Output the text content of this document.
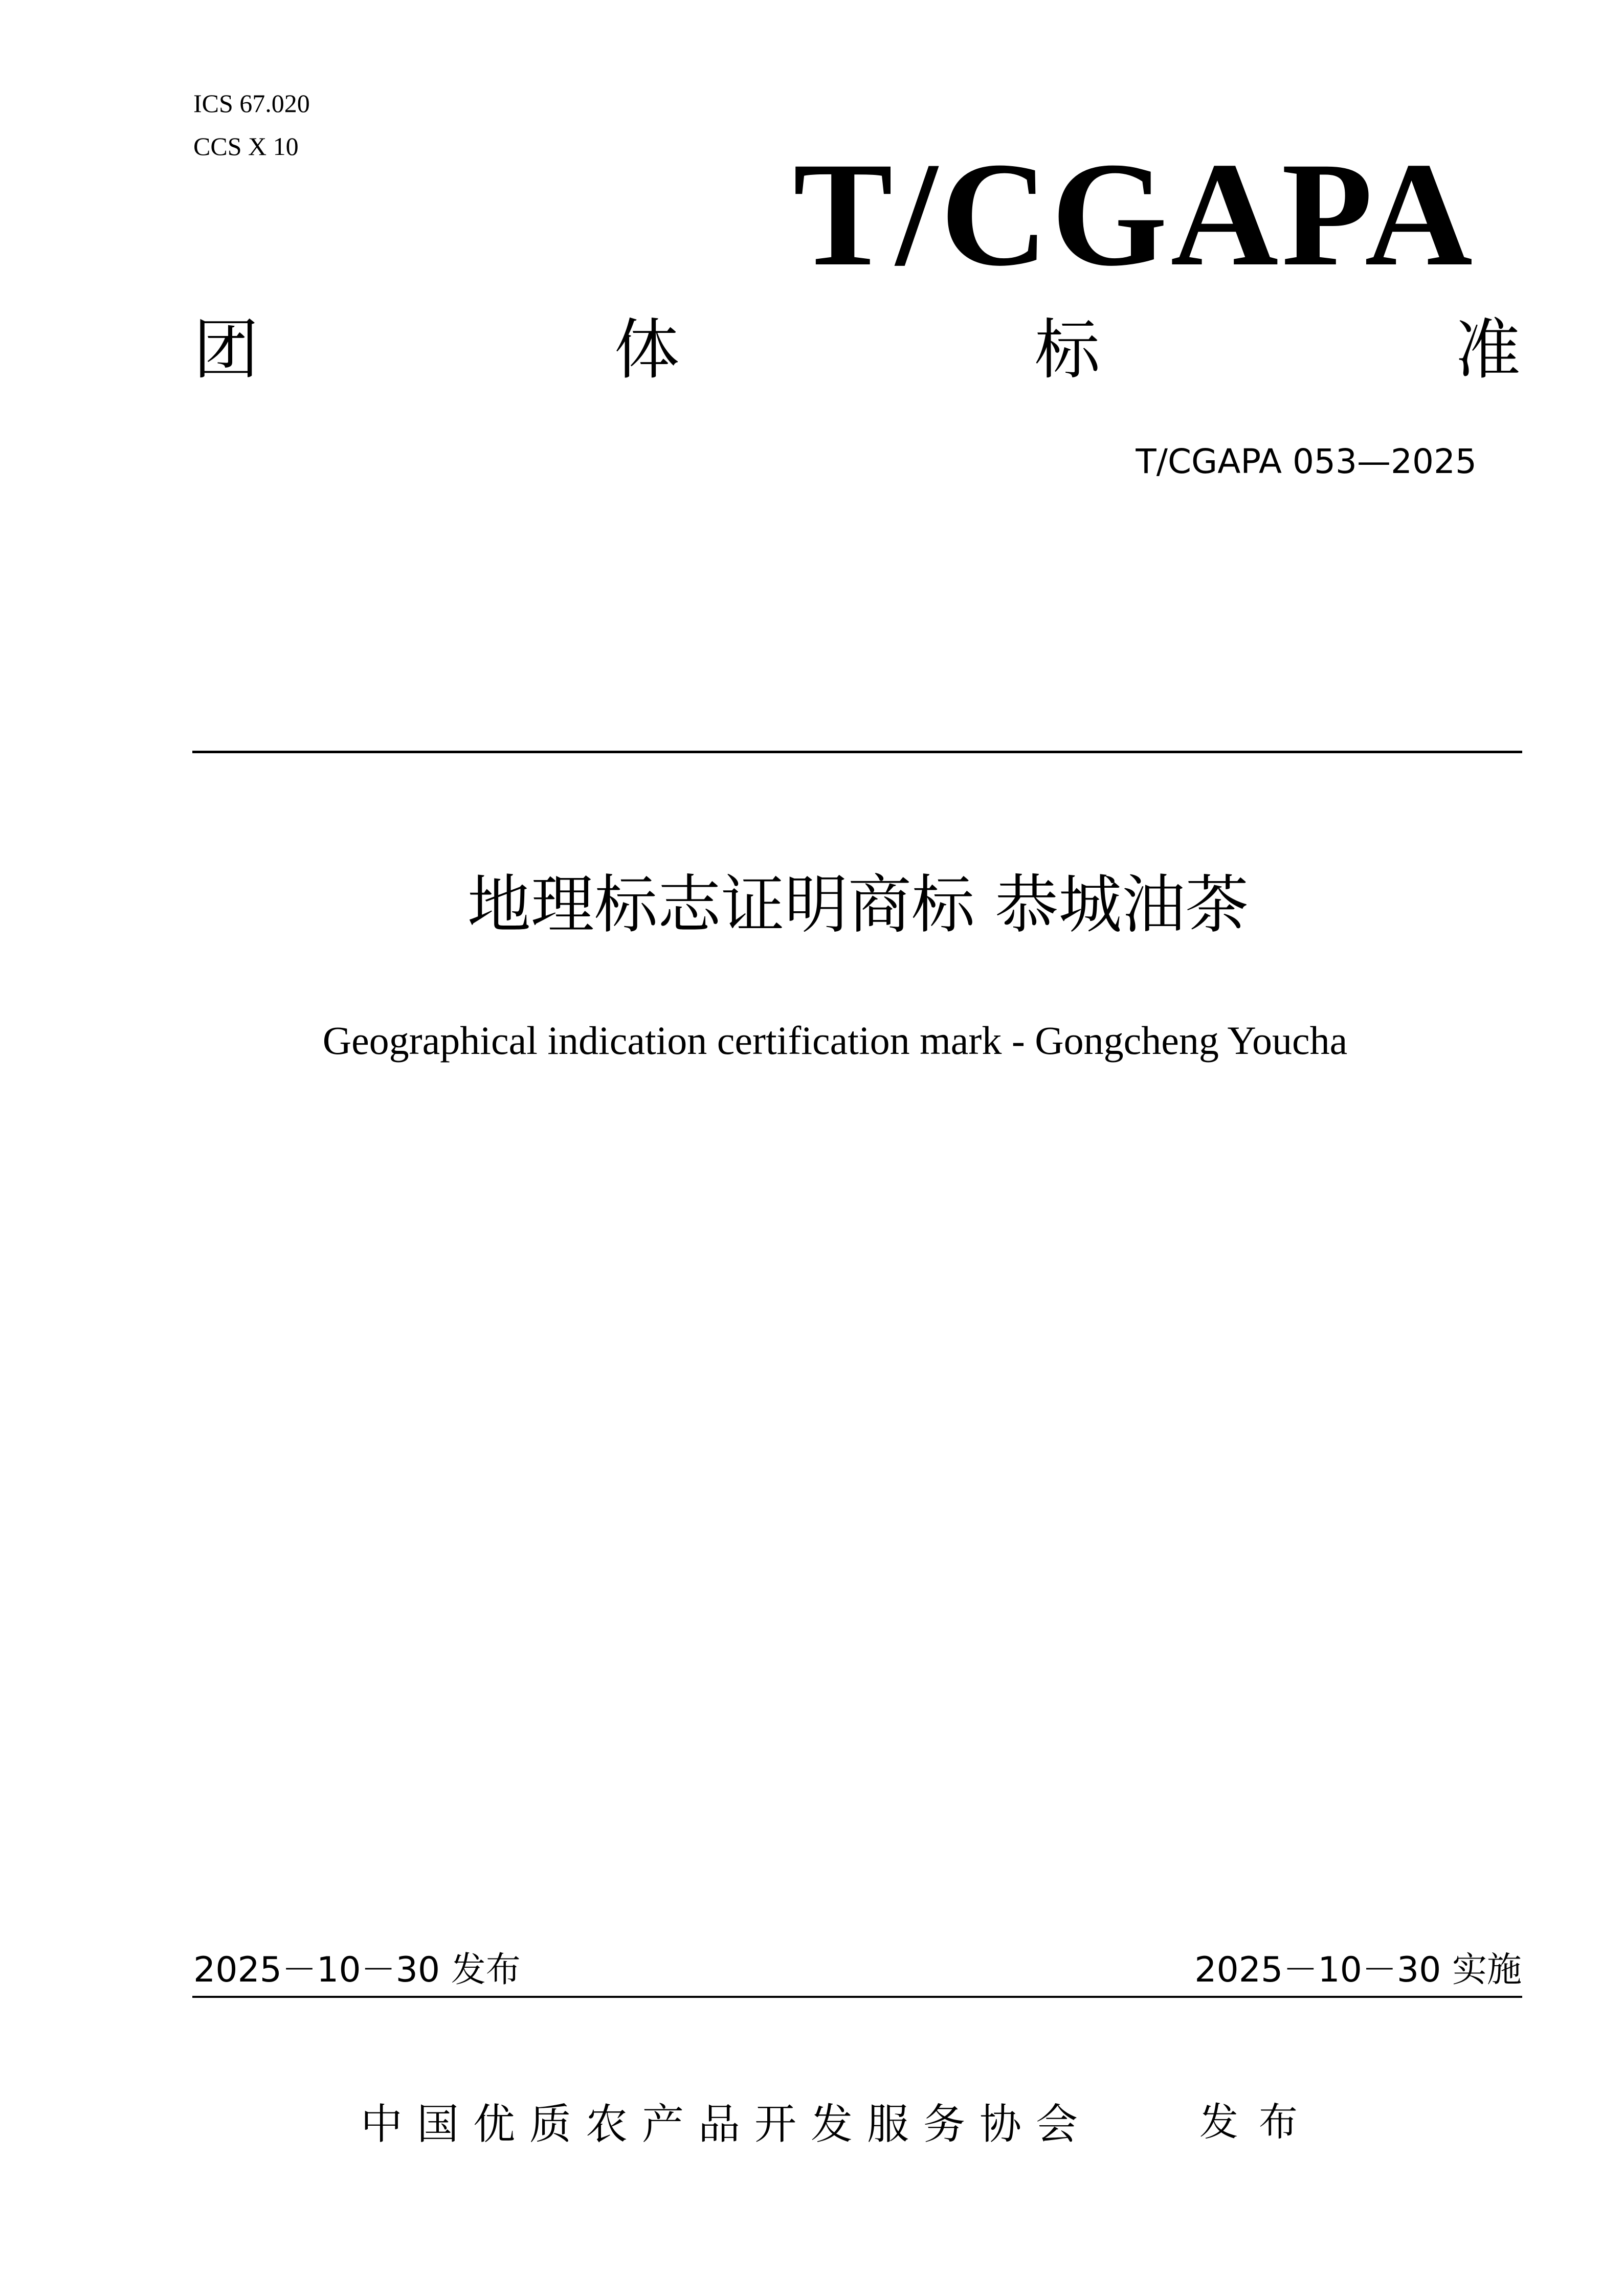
ICS 67.020
CCS X 10	T/CGAPA
团	体	标	准
T/CGAPA 053—2025
地理标志证明商标 恭城油茶
Geographical indication certification mark - Gongcheng Youcha
2025－10－30 发布	2025－10－30 实施
中国优质农产品开发服务协会	发布
